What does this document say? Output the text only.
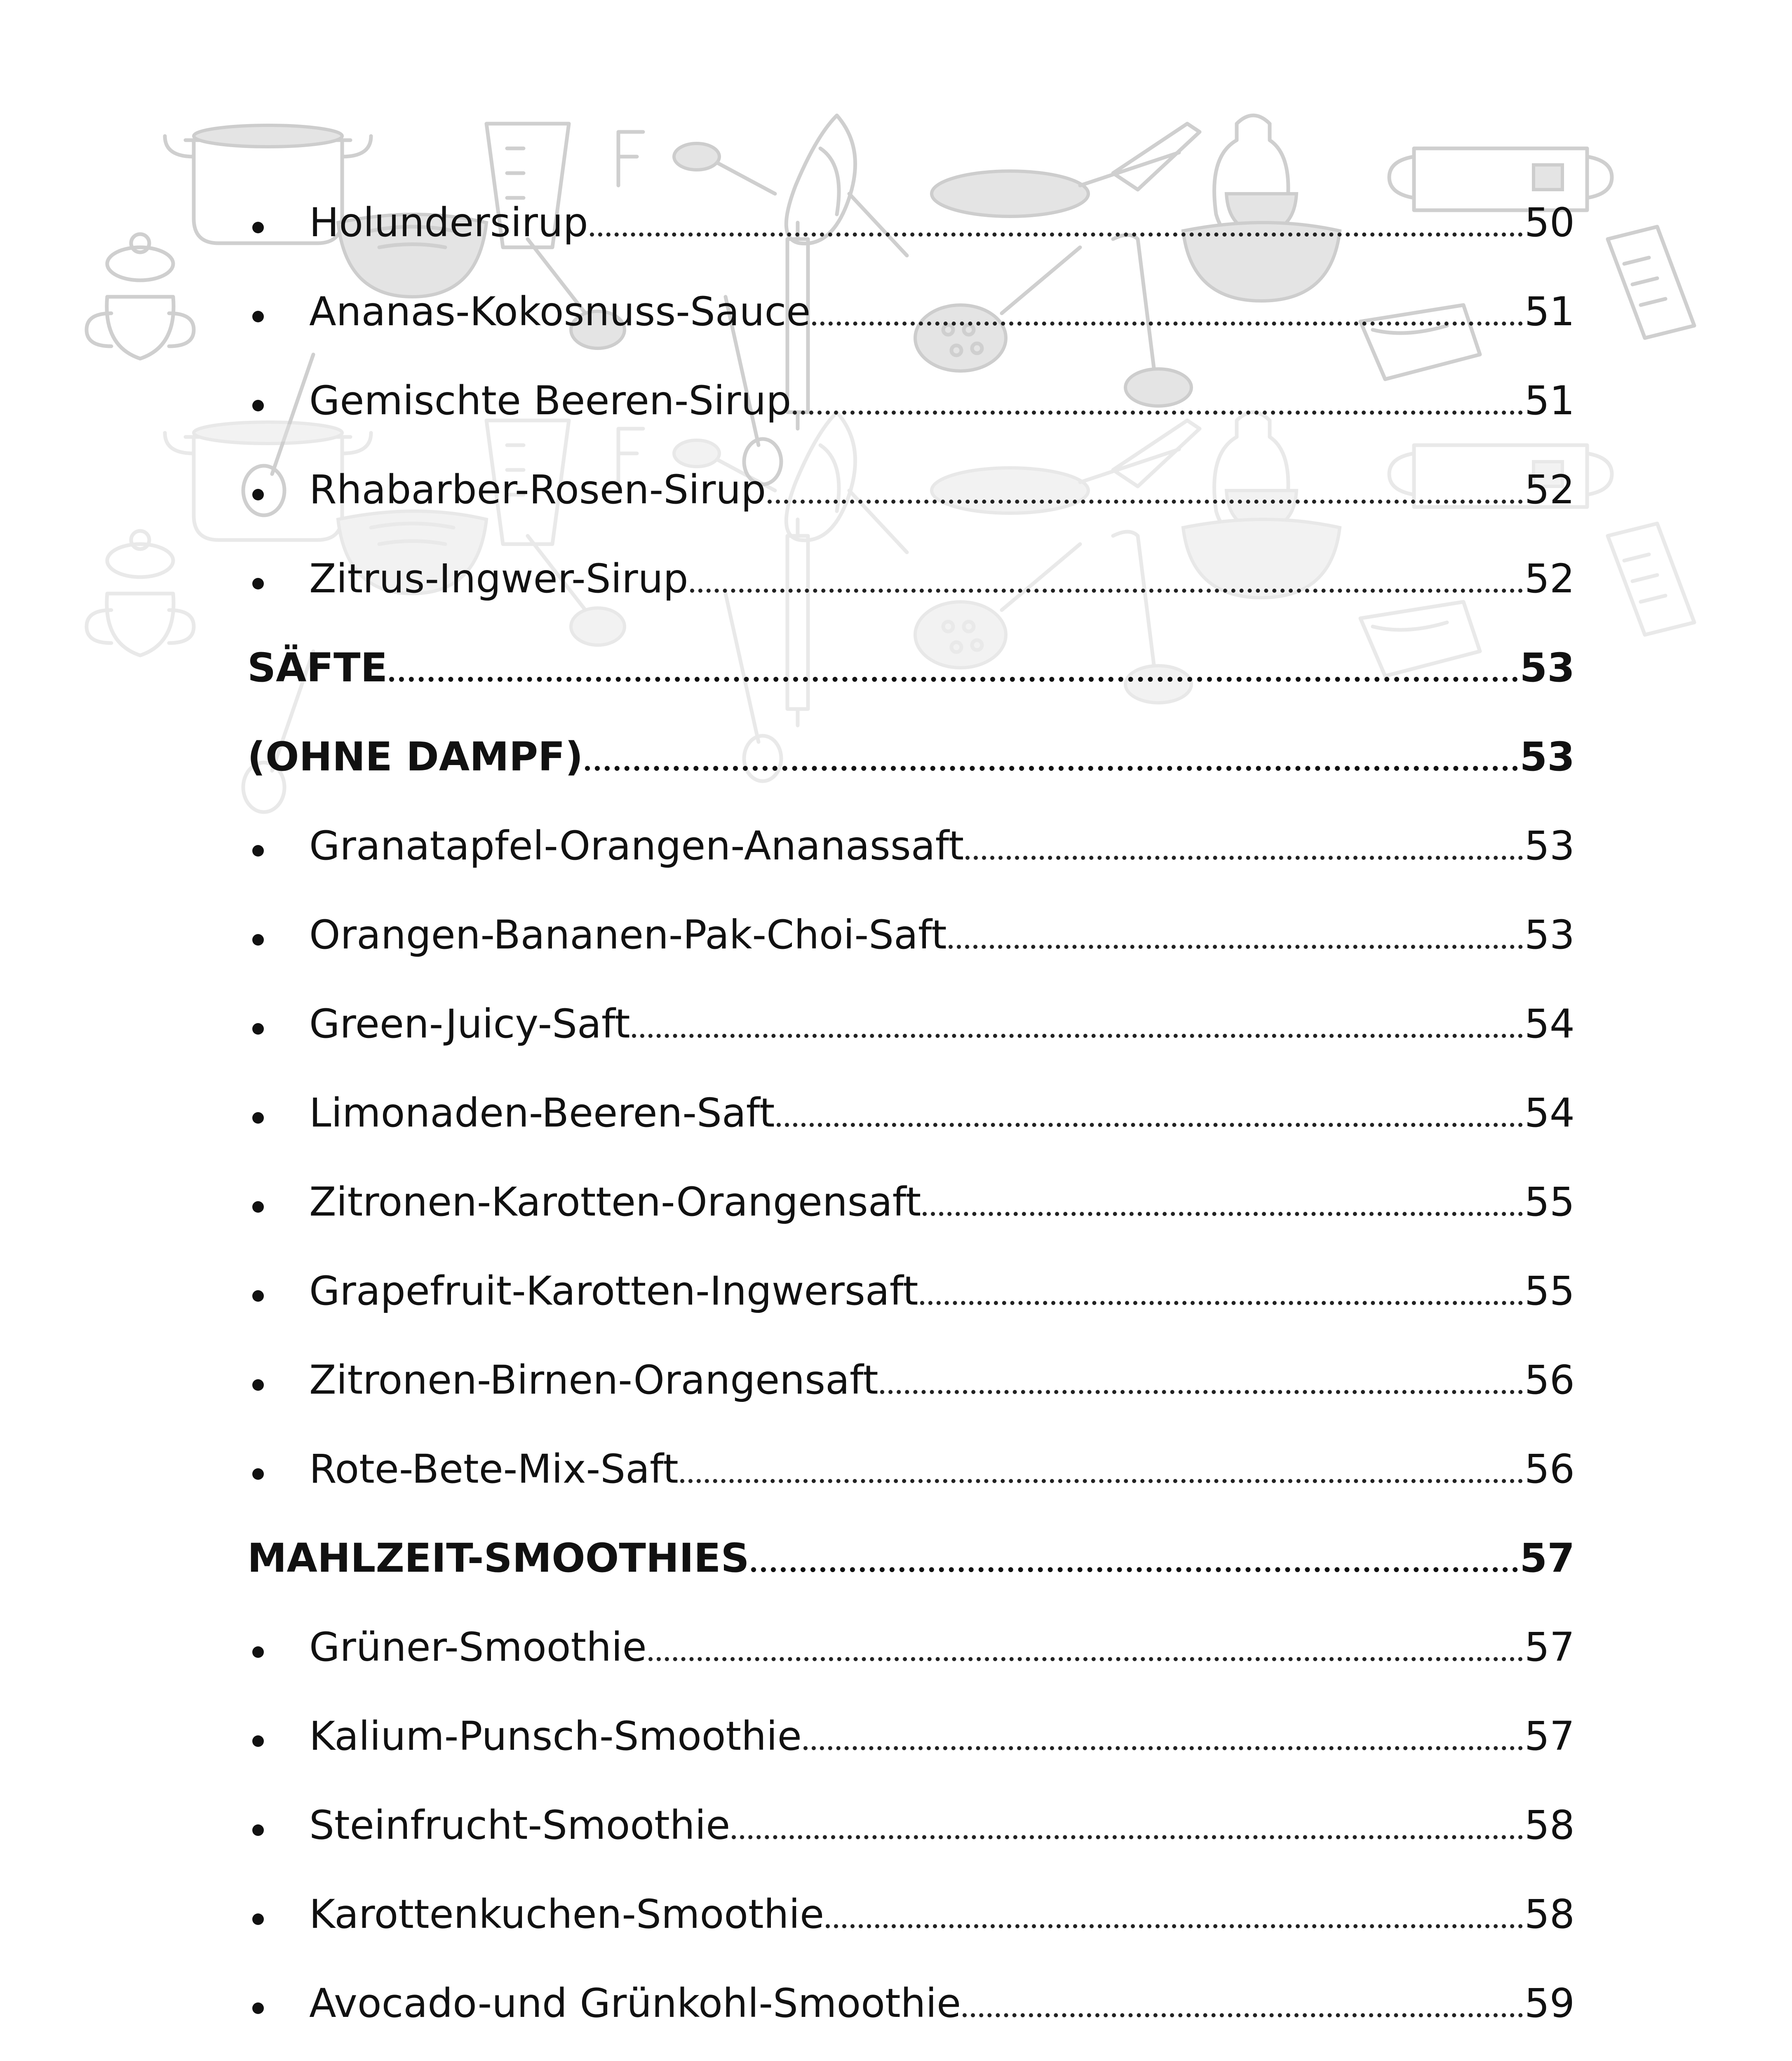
Holundersirup	50
Ananas-Kokosnuss-Sauce	51
Gemischte Beeren-Sirup	51
Rhabarber-Rosen-Sirup	52
Zitrus-Ingwer-Sirup	52
SÄFTE	53
(OHNE DAMPF)	53
Granatapfel-Orangen-Ananassaft	53
Orangen-Bananen-Pak-Choi-Saft	53
Green-Juicy-Saft	54
Limonaden-Beeren-Saft	54
Zitronen-Karotten-Orangensaft	55
Grapefruit-Karotten-Ingwersaft	55
Zitronen-Birnen-Orangensaft	56
Rote-Bete-Mix-Saft	56
MAHLZEIT-SMOOTHIES	57
Grüner-Smoothie	57
Kalium-Punsch-Smoothie	57
Steinfrucht-Smoothie	58
Karottenkuchen-Smoothie	58
Avocado-und Grünkohl-Smoothie	59
